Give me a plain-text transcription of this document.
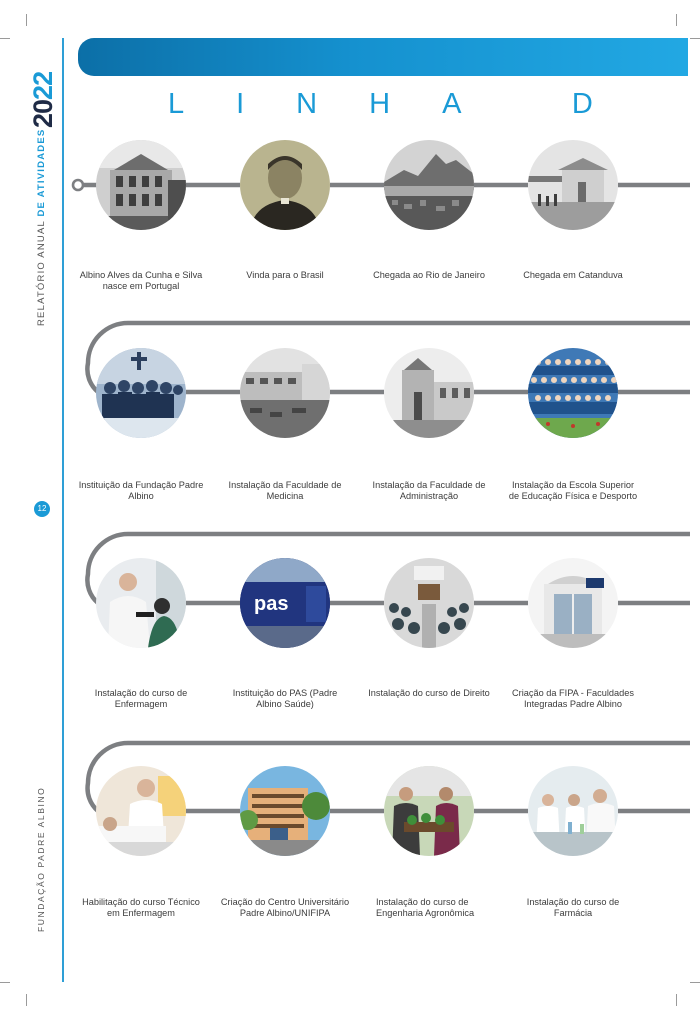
2022
RELATÓRIO ANUAL DE ATIVIDADES
12
FUNDAÇÃO PADRE ALBINO
LINHA D
Albino Alves da Cunha e Silva nasce em Portugal
Vinda para o Brasil	Chegada ao Rio de Janeiro	Chegada em Catanduva
Instituição da Fundação Padre Albino
Instalação da Faculdade de Medicina
Instalação da Faculdade de Administração
Instalação da Escola Superior de Educação Física e Desporto
pas
Instalação do curso de Enfermagem
Instituição do PAS (Padre Albino Saúde)
Instalação do curso de Direito	Criação da FIPA - Faculdades Integradas Padre Albino
Habilitação do curso Técnico em Enfermagem
Criação do Centro Universitário Padre Albino/UNIFIPA
Instalação do curso de Engenharia Agronômica
Instalação do curso de Farmácia
